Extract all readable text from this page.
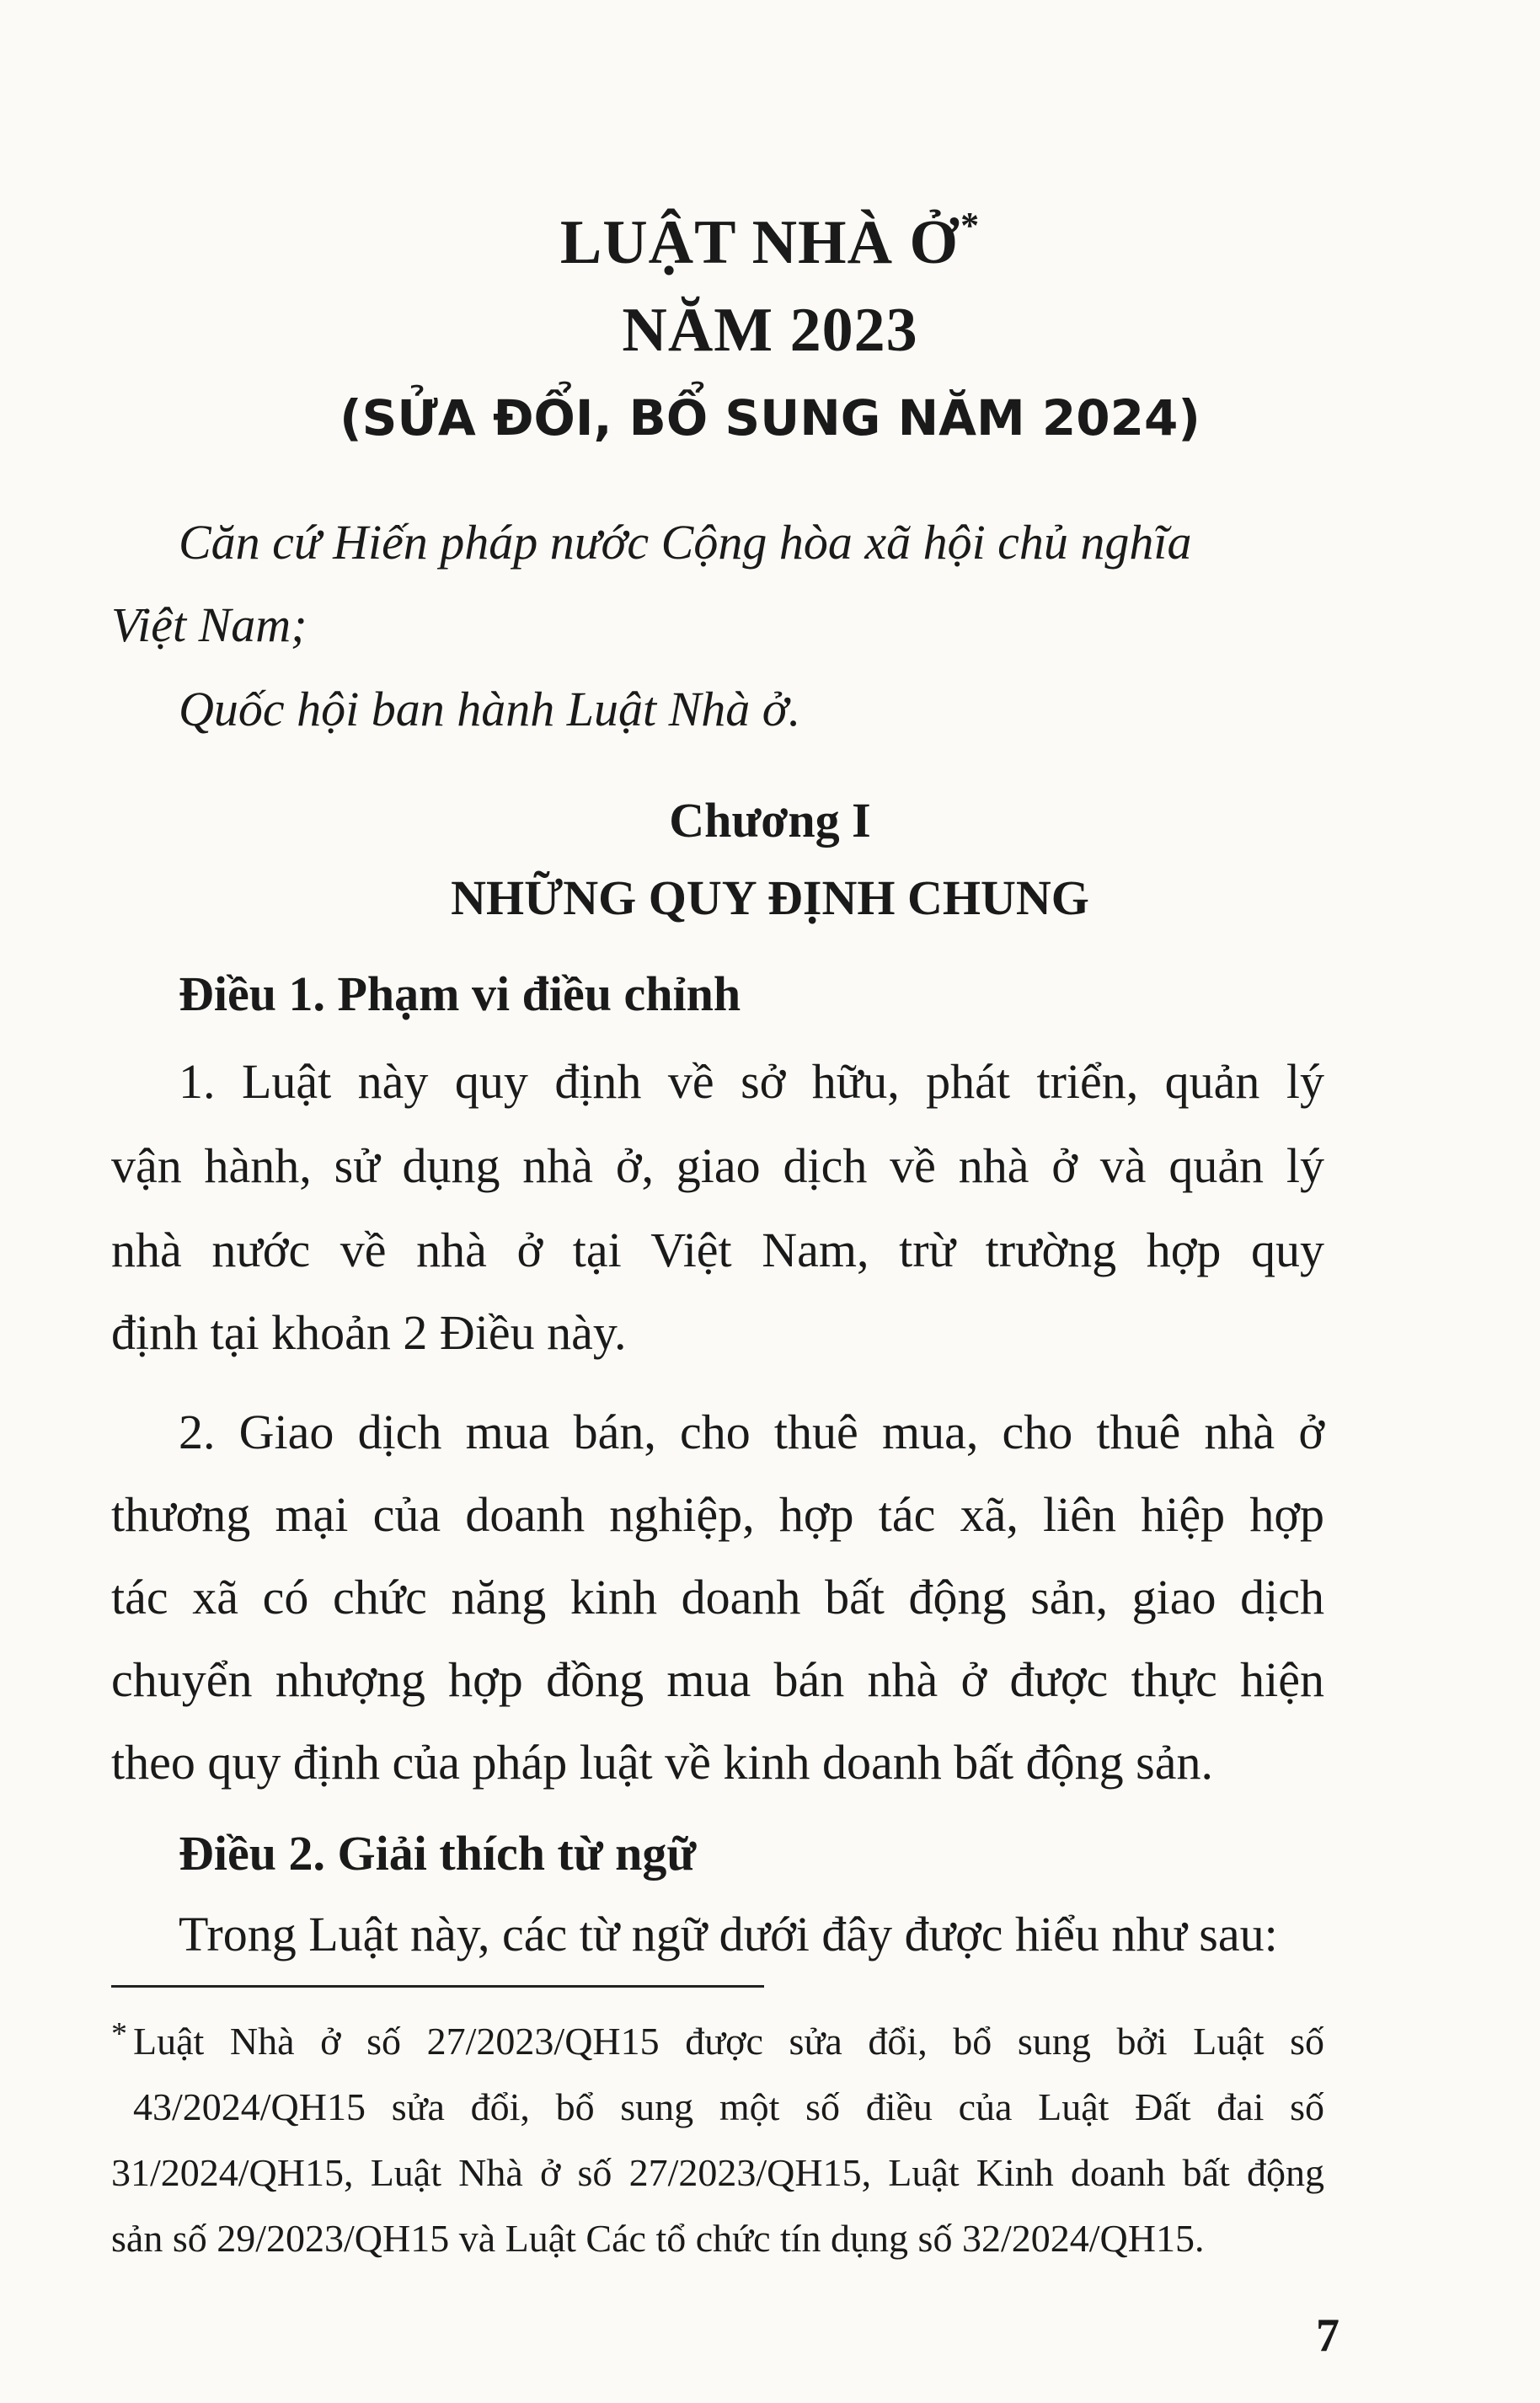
LUẬT NHÀ Ở*
NĂM 2023
(SỬA ĐỔI, BỔ SUNG NĂM 2024)
Căn cứ Hiến pháp nước Cộng hòa xã hội chủ nghĩa
Việt Nam;
Quốc hội ban hành Luật Nhà ở.
Chương I
NHỮNG QUY ĐỊNH CHUNG
Điều 1. Phạm vi điều chỉnh
1. Luật này quy định về sở hữu, phát triển, quản lý
vận hành, sử dụng nhà ở, giao dịch về nhà ở và quản lý
nhà nước về nhà ở tại Việt Nam, trừ trường hợp quy
định tại khoản 2 Điều này.
2. Giao dịch mua bán, cho thuê mua, cho thuê nhà ở
thương mại của doanh nghiệp, hợp tác xã, liên hiệp hợp
tác xã có chức năng kinh doanh bất động sản, giao dịch
chuyển nhượng hợp đồng mua bán nhà ở được thực hiện
theo quy định của pháp luật về kinh doanh bất động sản.
Điều 2. Giải thích từ ngữ
Trong Luật này, các từ ngữ dưới đây được hiểu như sau:
* Luật Nhà ở số 27/2023/QH15 được sửa đổi, bổ sung bởi Luật số
43/2024/QH15 sửa đổi, bổ sung một số điều của Luật Đất đai số
31/2024/QH15, Luật Nhà ở số 27/2023/QH15, Luật Kinh doanh bất động
sản số 29/2023/QH15 và Luật Các tổ chức tín dụng số 32/2024/QH15.
7
